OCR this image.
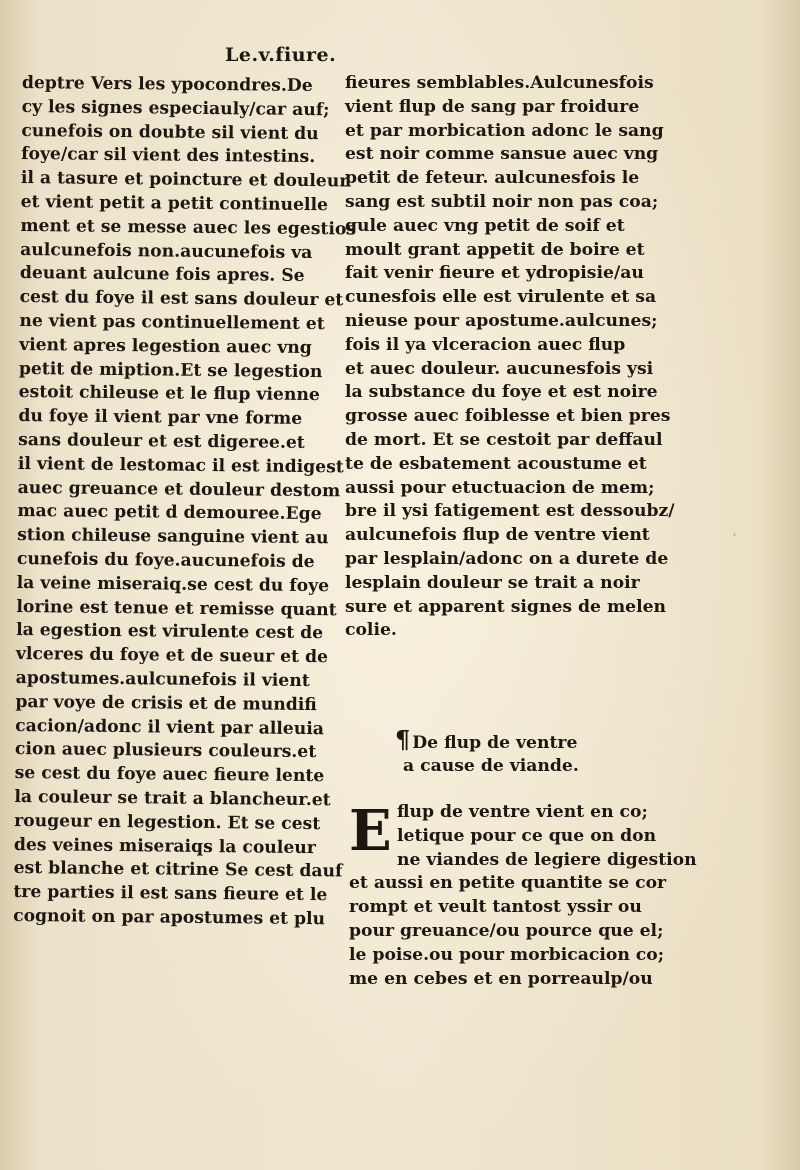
Le.v.fiure.
deptre Vers les ypocondres.De
cy les signes especiauly/car auf;
cunefois on doubte sil vient du
foye/car sil vient des intestins.
il a tasure et poincture et douleur
et vient petit a petit continuelle
ment et se messe auec les egestios
aulcunefois non.aucunefois va
deuant aulcune fois apres. Se
cest du foye il est sans douleur et
ne vient pas continuellement et
vient apres legestion auec vng
petit de miption.Et se legestion
estoit chileuse et le flup vienne
du foye il vient par vne forme
sans douleur et est digeree.et
il vient de lestomac il est indigest
auec greuance et douleur destom
mac auec petit d demouree.Ege
stion chileuse sanguine vient au
cunefois du foye.aucunefois de
la veine miseraiq.se cest du foye
lorine est tenue et remisse quant
la egestion est virulente cest de
vlceres du foye et de sueur et de
apostumes.aulcunefois il vient
par voye de crisis et de mundifi
cacion/adonc il vient par alleuia
cion auec plusieurs couleurs.et
se cest du foye auec fieure lente
la couleur se trait a blancheur.et
rougeur en legestion. Et se cest
des veines miseraiqs la couleur
est blanche et citrine Se cest dauf
tre parties il est sans fieure et le
cognoit on par apostumes et plu
fieures semblables.Aulcunesfois
vient flup de sang par froidure
et par morbication adonc le sang
est noir comme sansue auec vng
petit de feteur. aulcunesfois le
sang est subtil noir non pas coa;
gule auec vng petit de soif et
moult grant appetit de boire et
fait venir fieure et ydropisie/au
cunesfois elle est virulente et sa
nieuse pour apostume.aulcunes;
fois il ya vlceracion auec flup
et auec douleur. aucunesfois ysi
la substance du foye et est noire
grosse auec foiblesse et bien pres
de mort. Et se cestoit par deffaul
te de esbatement acoustume et
aussi pour etuctuacion de mem;
bre il ysi fatigement est dessoubz/
aulcunefois flup de ventre vient
par lesplain/adonc on a durete de
lesplain douleur se trait a noir
sure et apparent signes de melen
colie.
¶ De flup de ventre
a cause de viande.
E flup de ventre vient en co;
letique pour ce que on don
ne viandes de legiere digestion
et aussi en petite quantite se cor
rompt et veult tantost yssir ou
pour greuance/ou pource que el;
le poise.ou pour morbicacion co;
me en cebes et en porreaulp/ou
’
